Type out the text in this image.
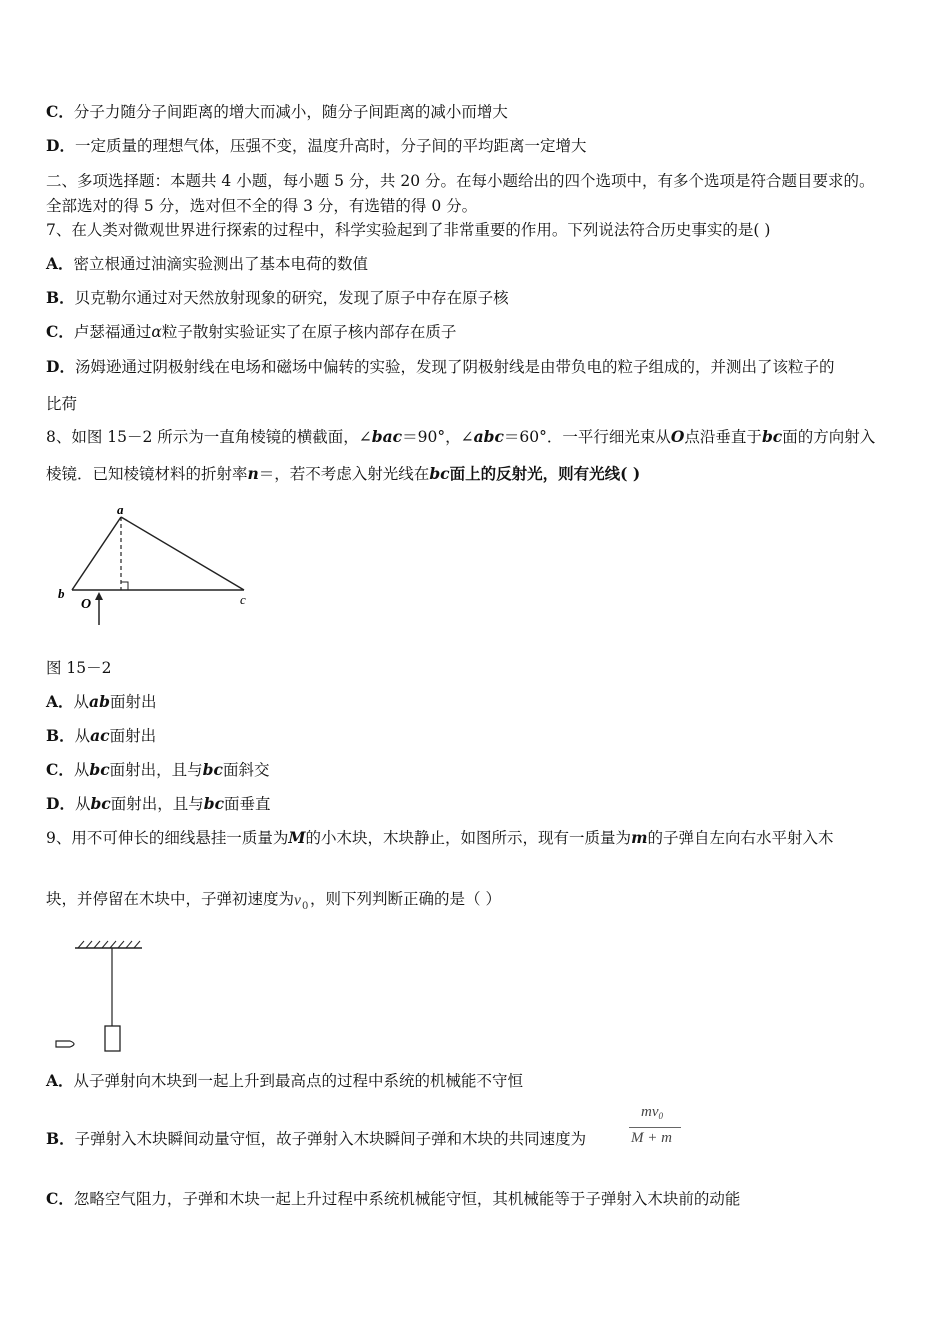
C．分子力随分子间距离的增大而减小，随分子间距离的减小而增大
D．一定质量的理想气体，压强不变，温度升高时，分子间的平均距离一定增大
二、多项选择题：本题共 4 小题，每小题 5 分，共 20 分。在每小题给出的四个选项中，有多个选项是符合题目要求的。
全部选对的得 5 分，选对但不全的得 3 分，有选错的得 0 分。
7、在人类对微观世界进行探索的过程中，科学实验起到了非常重要的作用。下列说法符合历史事实的是( )
A．密立根通过油滴实验测出了基本电荷的数值
B．贝克勒尔通过对天然放射现象的研究，发现了原子中存在原子核
C．卢瑟福通过α粒子散射实验证实了在原子核内部存在质子
D．汤姆逊通过阴极射线在电场和磁场中偏转的实验，发现了阴极射线是由带负电的粒子组成的，并测出了该粒子的
比荷
8、如图 15－2 所示为一直角棱镜的横截面，∠bac＝90°，∠abc＝60°．一平行细光束从O点沿垂直于bc面的方向射入
棱镜．已知棱镜材料的折射率n＝，若不考虑入射光线在bc面上的反射光，则有光线( )
a
b	c
O
图 15－2
A．从ab面射出
B．从ac面射出
C．从bc面射出，且与bc面斜交
D．从bc面射出，且与bc面垂直
9、用不可伸长的细线悬挂一质量为M的小木块，木块静止，如图所示，现有一质量为m的子弹自左向右水平射入木
块，并停留在木块中，子弹初速度为 v 0 ，则下列判断正确的是（ ）
A．从子弹射向木块到一起上升到最高点的过程中系统的机械能不守恒
B．子弹射入木块瞬间动量守恒，故子弹射入木块瞬间子弹和木块的共同速度为
$mv_0$
M + m
C．忽略空气阻力，子弹和木块一起上升过程中系统机械能守恒，其机械能等于子弹射入木块前的动能
